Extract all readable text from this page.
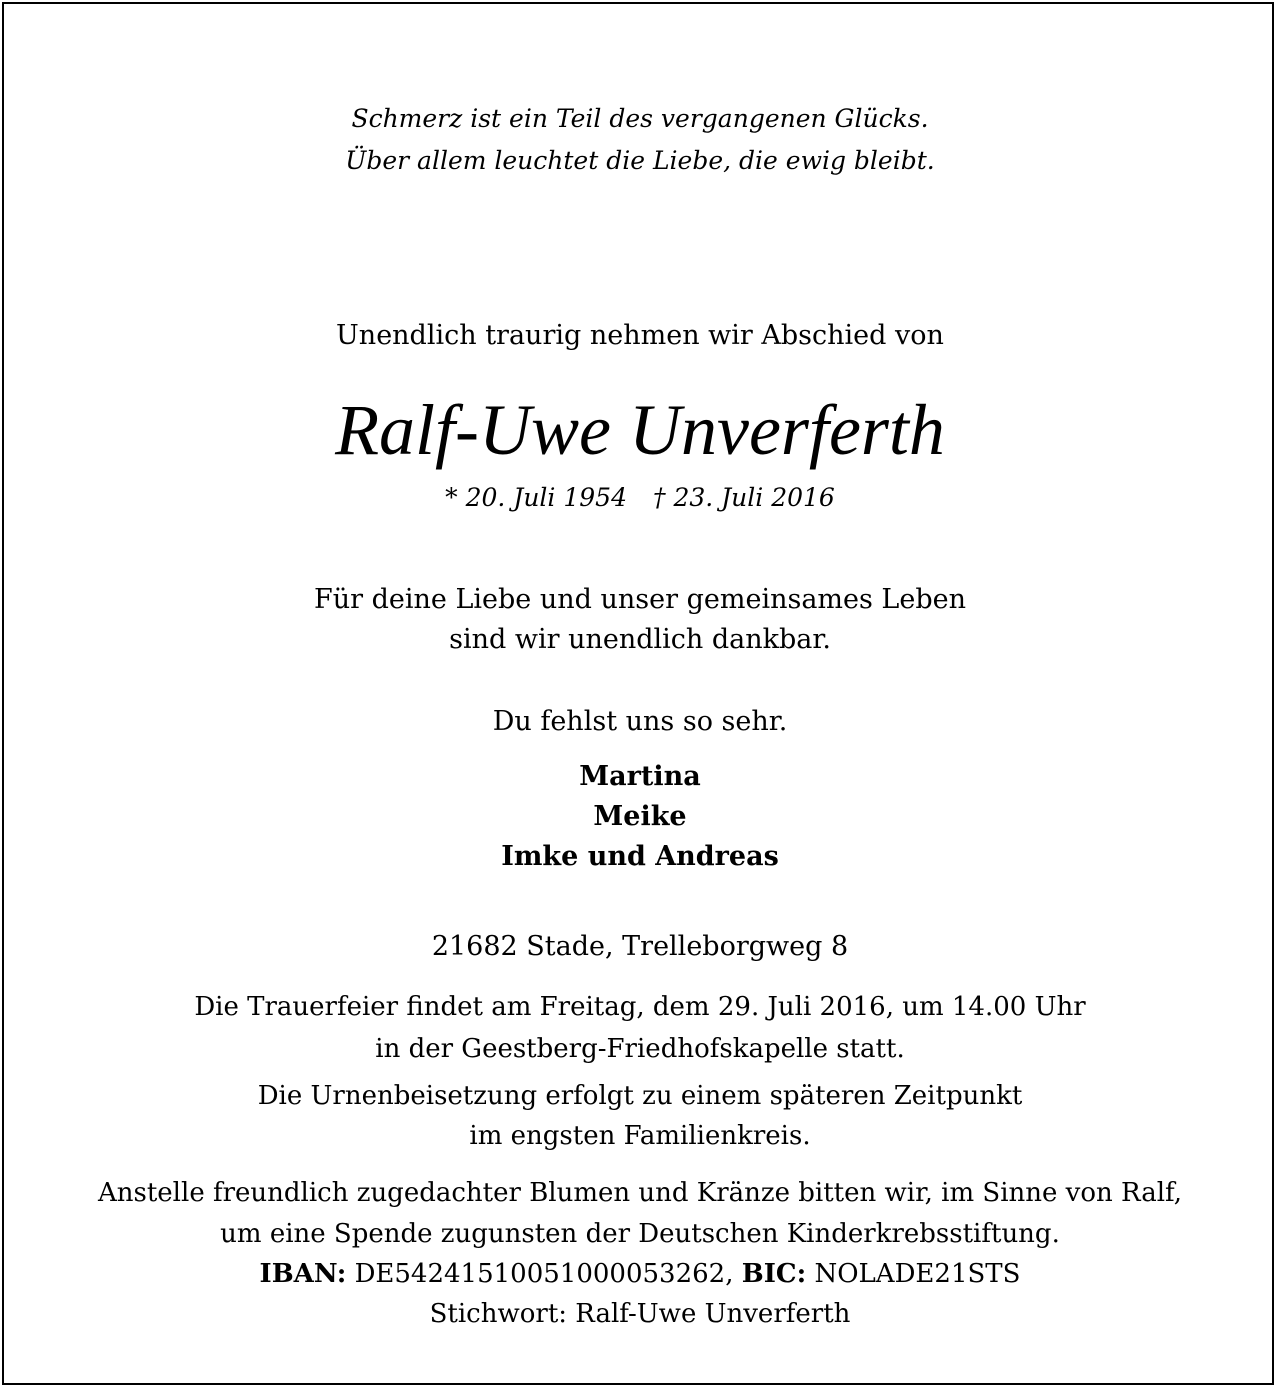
Schmerz ist ein Teil des vergangenen Glücks.
Über allem leuchtet die Liebe, die ewig bleibt.
Unendlich traurig nehmen wir Abschied von
Ralf-Uwe Unverferth
* 20. Juli 1954 † 23. Juli 2016
Für deine Liebe und unser gemeinsames Leben
sind wir unendlich dankbar.
Du fehlst uns so sehr.
Martina
Meike
Imke und Andreas
21682 Stade, Trelleborgweg 8
Die Trauerfeier findet am Freitag, dem 29. Juli 2016, um 14.00 Uhr
in der Geestberg-Friedhofskapelle statt.
Die Urnenbeisetzung erfolgt zu einem späteren Zeitpunkt
im engsten Familienkreis.
Anstelle freundlich zugedachter Blumen und Kränze bitten wir, im Sinne von Ralf,
um eine Spende zugunsten der Deutschen Kinderkrebsstiftung.
IBAN: DE54241510051000053262, BIC: NOLADE21STS
Stichwort: Ralf-Uwe Unverferth
